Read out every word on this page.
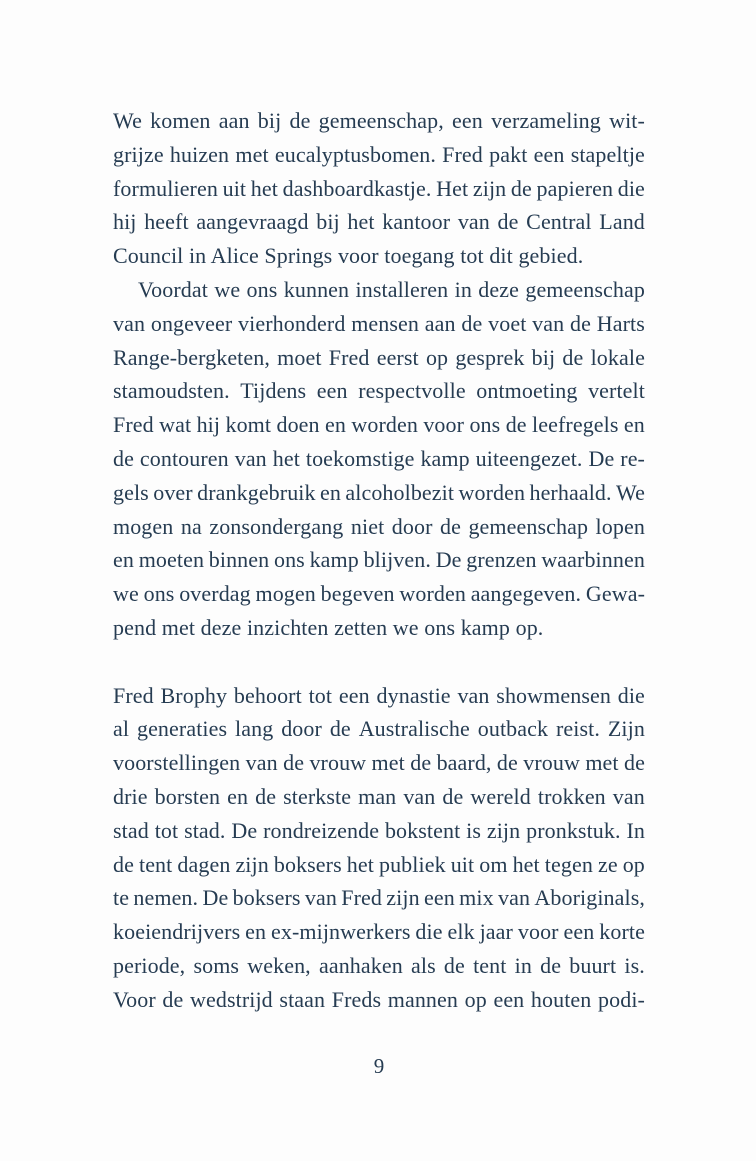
We komen aan bij de gemeenschap, een verzameling wit-
grijze huizen met eucalyptusbomen. Fred pakt een stapeltje
formulieren uit het dashboardkastje. Het zijn de papieren die
hij heeft aangevraagd bij het kantoor van de Central Land
Council in Alice Springs voor toegang tot dit gebied.
Voordat we ons kunnen installeren in deze gemeenschap
van ongeveer vierhonderd mensen aan de voet van de Harts
Range-bergketen, moet Fred eerst op gesprek bij de lokale
stamoudsten. Tijdens een respectvolle ontmoeting vertelt
Fred wat hij komt doen en worden voor ons de leefregels en
de contouren van het toekomstige kamp uiteengezet. De re-
gels over drankgebruik en alcoholbezit worden herhaald. We
mogen na zonsondergang niet door de gemeenschap lopen
en moeten binnen ons kamp blijven. De grenzen waarbinnen
we ons overdag mogen begeven worden aangegeven. Gewa-
pend met deze inzichten zetten we ons kamp op.
Fred Brophy behoort tot een dynastie van showmensen die
al generaties lang door de Australische outback reist. Zijn
voorstellingen van de vrouw met de baard, de vrouw met de
drie borsten en de sterkste man van de wereld trokken van
stad tot stad. De rondreizende bokstent is zijn pronkstuk. In
de tent dagen zijn boksers het publiek uit om het tegen ze op
te nemen. De boksers van Fred zijn een mix van Aboriginals,
koeiendrijvers en ex-mijnwerkers die elk jaar voor een korte
periode, soms weken, aanhaken als de tent in de buurt is.
Voor de wedstrijd staan Freds mannen op een houten podi-
9
